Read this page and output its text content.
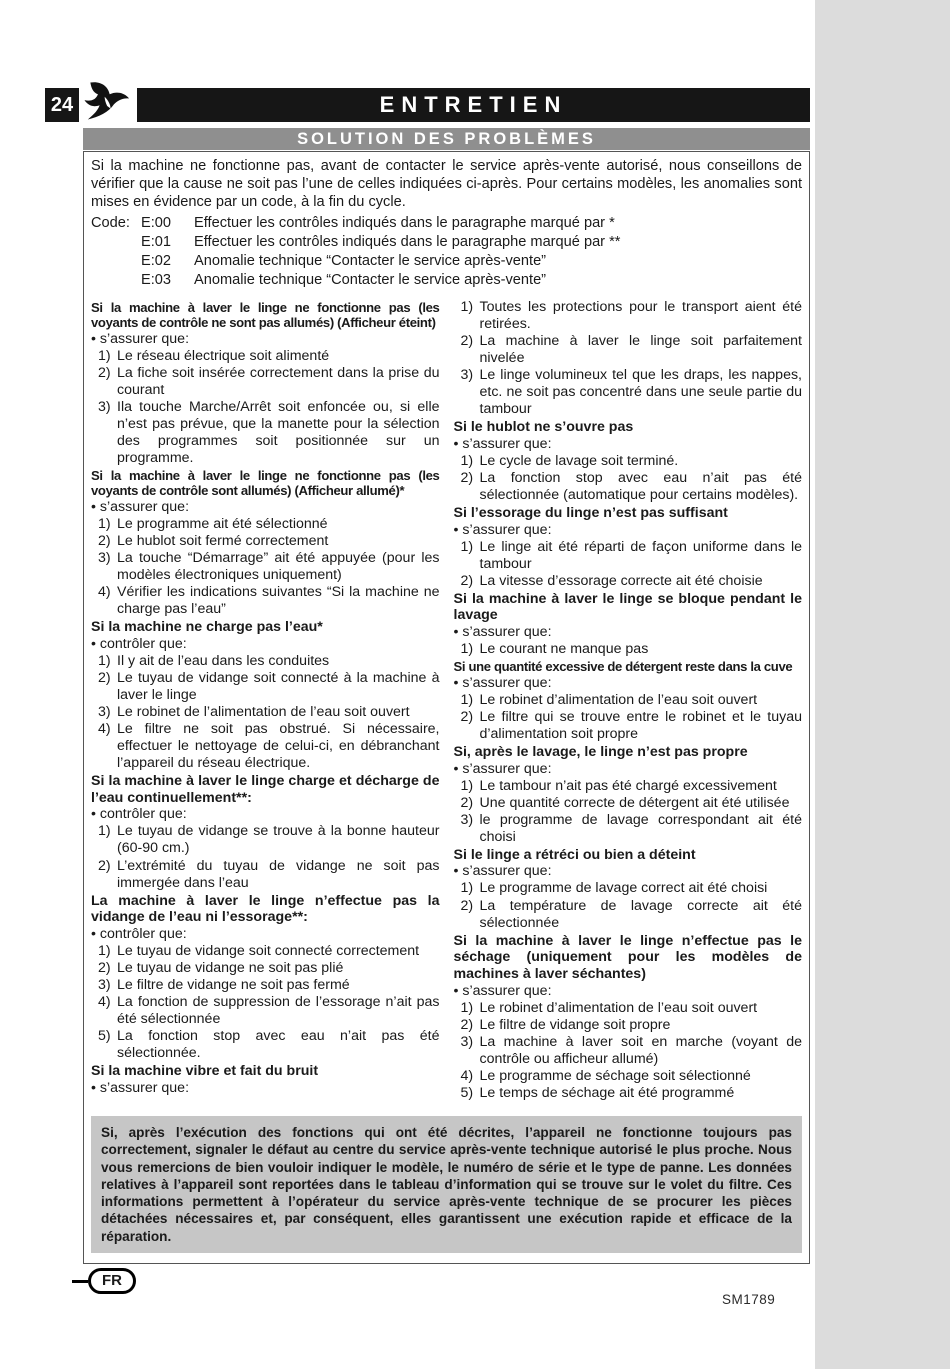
24	ENTRETIEN
SOLUTION DES PROBLÈMES

Si la machine ne fonctionne pas, avant de contacter le service après-vente autorisé, nous conseillons de vérifier que la cause ne soit pas l’une de celles indiquées ci-après. Pour certains modèles, les anomalies sont mises en évidence par un code, à la fin du cycle.

Code: E:00	Effectuer les contrôles indiqués dans le paragraphe marqué par *
E:01	Effectuer les contrôles indiqués dans le paragraphe marqué par **
E:02	Anomalie technique “Contacter le service après-vente”
E:03	Anomalie technique “Contacter le service après-vente”
Si la machine à laver le linge ne fonctionne pas (les voyants de contrôle ne sont pas allumés) (Afficheur éteint)
• s’assurer que:
1) Le réseau électrique soit alimenté
2) La fiche soit insérée correctement dans la prise du courant
3) Ila touche Marche/Arrêt soit enfoncée ou, si elle n’est pas prévue, que la manette pour la sélection des programmes soit positionnée sur un programme.
Si la machine à laver le linge ne fonctionne pas (les voyants de contrôle sont allumés) (Afficheur allumé)*
• s’assurer que:
1) Le programme ait été sélectionné
2) Le hublot soit fermé correctement
3) La touche “Démarrage” ait été appuyée (pour les modèles électroniques uniquement)
4) Vérifier les indications suivantes “Si la machine ne charge pas l’eau”
Si la machine ne charge pas l’eau*
• contrôler que:
1) Il y ait de l’eau dans les conduites
2) Le tuyau de vidange soit connecté à la machine à laver le linge
3) Le robinet de l’alimentation de l’eau soit ouvert
4) Le filtre ne soit pas obstrué. Si nécessaire, effectuer le nettoyage de celui-ci, en débranchant l’appareil du réseau électrique.
Si la machine à laver le linge charge et décharge de l’eau continuellement**:
• contrôler que:
1) Le tuyau de vidange se trouve à la bonne hauteur (60-90 cm.)
2) L’extrémité du tuyau de vidange ne soit pas immergée dans l’eau
La machine à laver le linge n’effectue pas la vidange de l’eau ni l’essorage**:
• contrôler que:
1) Le tuyau de vidange soit connecté correctement
2) Le tuyau de vidange ne soit pas plié
3) Le filtre de vidange ne soit pas fermé
4) La fonction de suppression de l’essorage n’ait pas été sélectionnée
5) La fonction stop avec eau n’ait pas été sélectionnée.
Si la machine vibre et fait du bruit
• s’assurer que:
1) Toutes les protections pour le transport aient été retirées.
2) La machine à laver le linge soit parfaitement nivelée
3) Le linge volumineux tel que les draps, les nappes, etc. ne soit pas concentré dans une seule partie du tambour
Si le hublot ne s’ouvre pas
• s’assurer que:
1) Le cycle de lavage soit terminé.
2) La fonction stop avec eau n’ait pas été sélectionnée (automatique pour certains modèles).
Si l’essorage du linge n’est pas suffisant
• s’assurer que:
1) Le linge ait été réparti de façon uniforme dans le tambour
2) La vitesse d’essorage correcte ait été choisie
Si la machine à laver le linge se bloque pendant le lavage
• s’assurer que:
1) Le courant ne manque pas
Si une quantité excessive de détergent reste dans la cuve
• s’assurer que:
1) Le robinet d’alimentation de l’eau soit ouvert
2) Le filtre qui se trouve entre le robinet et le tuyau d’alimentation soit propre
Si, après le lavage, le linge n’est pas propre
• s’assurer que:
1) Le tambour n’ait pas été chargé excessivement
2) Une quantité correcte de détergent ait été utilisée
3) le programme de lavage correspondant ait été choisi
Si le linge a rétréci ou bien a déteint
• s’assurer que:
1) Le programme de lavage correct ait été choisi
2) La température de lavage correcte ait été sélectionnée
Si la machine à laver le linge n’effectue pas le séchage (uniquement pour les modèles de machines à laver séchantes)
• s’assurer que:
1) Le robinet d’alimentation de l’eau soit ouvert
2) Le filtre de vidange soit propre
3) La machine à laver soit en marche (voyant de contrôle ou afficheur allumé)
4) Le programme de séchage soit sélectionné
5) Le temps de séchage ait été programmé
Si, après l’exécution des fonctions qui ont été décrites, l’appareil ne fonctionne toujours pas correctement, signaler le défaut au centre du service après-vente technique autorisé le plus proche. Nous vous remercions de bien vouloir indiquer le modèle, le numéro de série et le type de panne. Les données relatives à l’appareil sont reportées dans le tableau d’information qui se trouve sur le volet du filtre. Ces informations permettent à l’opérateur du service après-vente technique de se procurer les pièces détachées nécessaires et, par conséquent, elles garantissent une exécution rapide et efficace de la réparation.
FR
SM1789
